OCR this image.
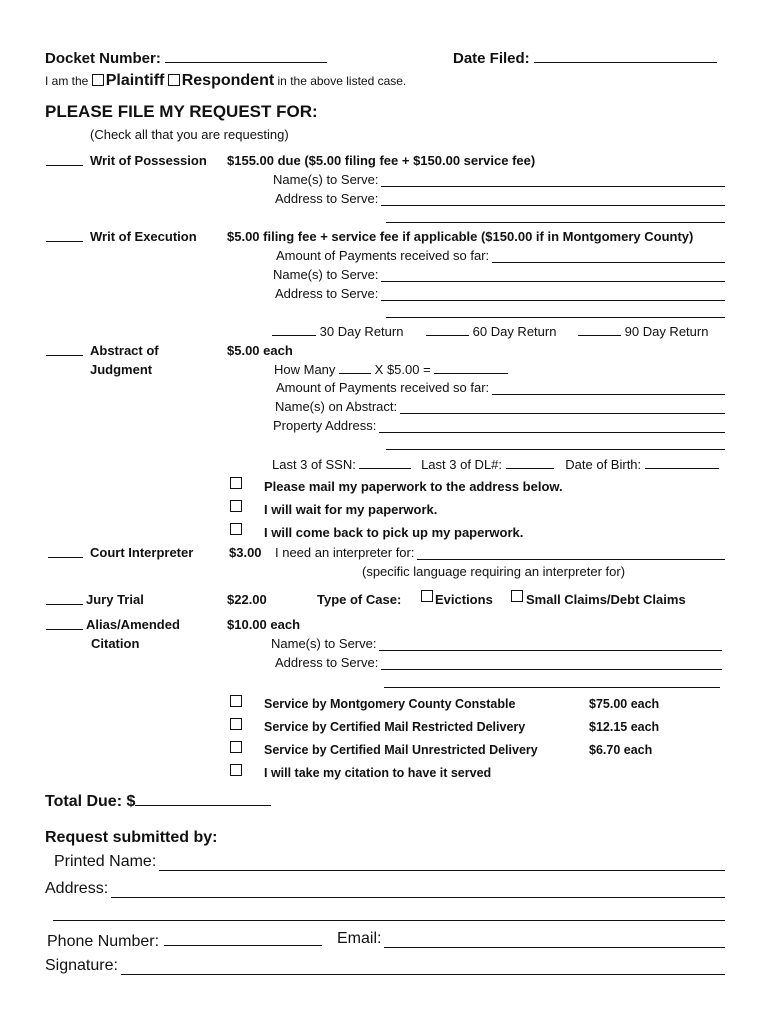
Docket Number:	Date Filed:
I am the Plaintiff Respondent in the above listed case.
PLEASE FILE MY REQUEST FOR:
(Check all that you are requesting)
Writ of Possession $155.00 due ($5.00 filing fee + $150.00 service fee)
Name(s) to Serve:
Address to Serve:
Writ of Execution $5.00 filing fee + service fee if applicable ($150.00 if in Montgomery County)
Amount of Payments received so far:
Name(s) to Serve:
Address to Serve:
30 Day Return	60 Day Return	90 Day Return
Abstract of
Judgment
$5.00 each
How Many	X $5.00 =
Amount of Payments received so far:
Name(s) on Abstract:
Property Address:
Last 3 of SSN:	Last 3 of DL#:	Date of Birth:
Please mail my paperwork to the address below.
I will wait for my paperwork.
I will come back to pick up my paperwork.
Court Interpreter	$3.00 I need an interpreter for:
(specific language requiring an interpreter for)
Jury Trial	$22.00	Type of Case:	Evictions	Small Claims/Debt Claims
Alias/Amended
Citation
$10.00 each
Name(s) to Serve:
Address to Serve:
Service by Montgomery County Constable	$75.00 each
Service by Certified Mail Restricted Delivery	$12.15 each
Service by Certified Mail Unrestricted Delivery	$6.70 each
I will take my citation to have it served
Total Due: $
Request submitted by:
Printed Name:
Address:
Phone Number:	Email:
Signature:
